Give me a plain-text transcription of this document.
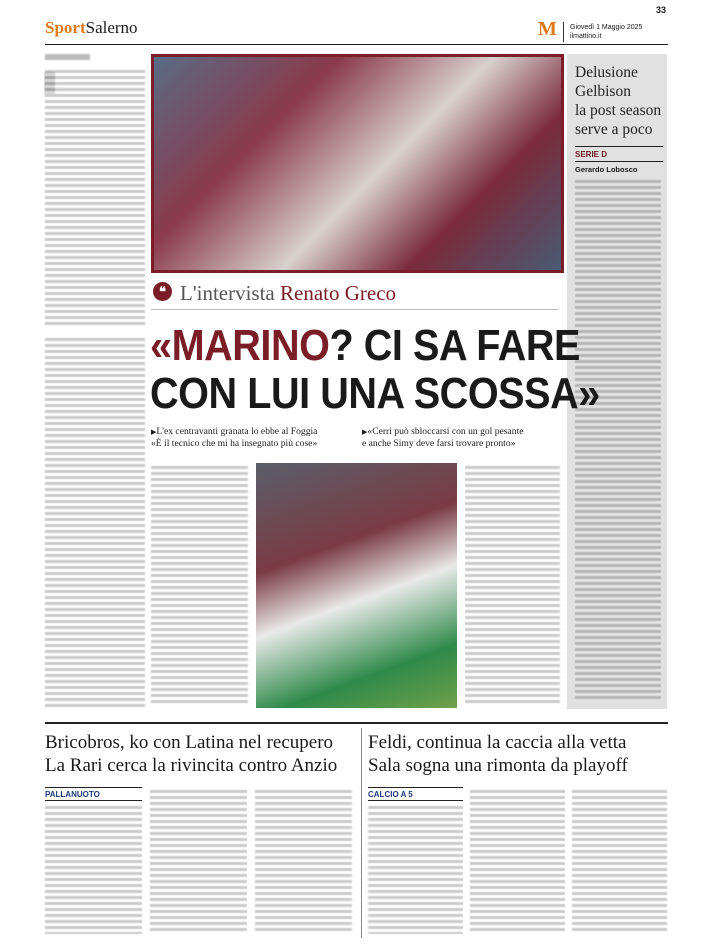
SportSalerno
33
M Giovedì 1 Maggio 2025
ilmattino.it
Delusione
Gelbison
la post season
serve a poco
SERIE D
Gerardo Lobosco
❝ L'intervista Renato Greco
«MARINO? CI SA FARE
CON LUI UNA SCOSSA»
▶L'ex centravanti granata lo ebbe al Foggia
«È il tecnico che mi ha insegnato più cose»
▶«Cerri può sbloccarsi con un gol pesante
e anche Simy deve farsi trovare pronto»
Bricobros, ko con Latina nel recupero
La Rari cerca la rivincita contro Anzio
PALLANUOTO
Feldi, continua la caccia alla vetta
Sala sogna una rimonta da playoff
CALCIO A 5
